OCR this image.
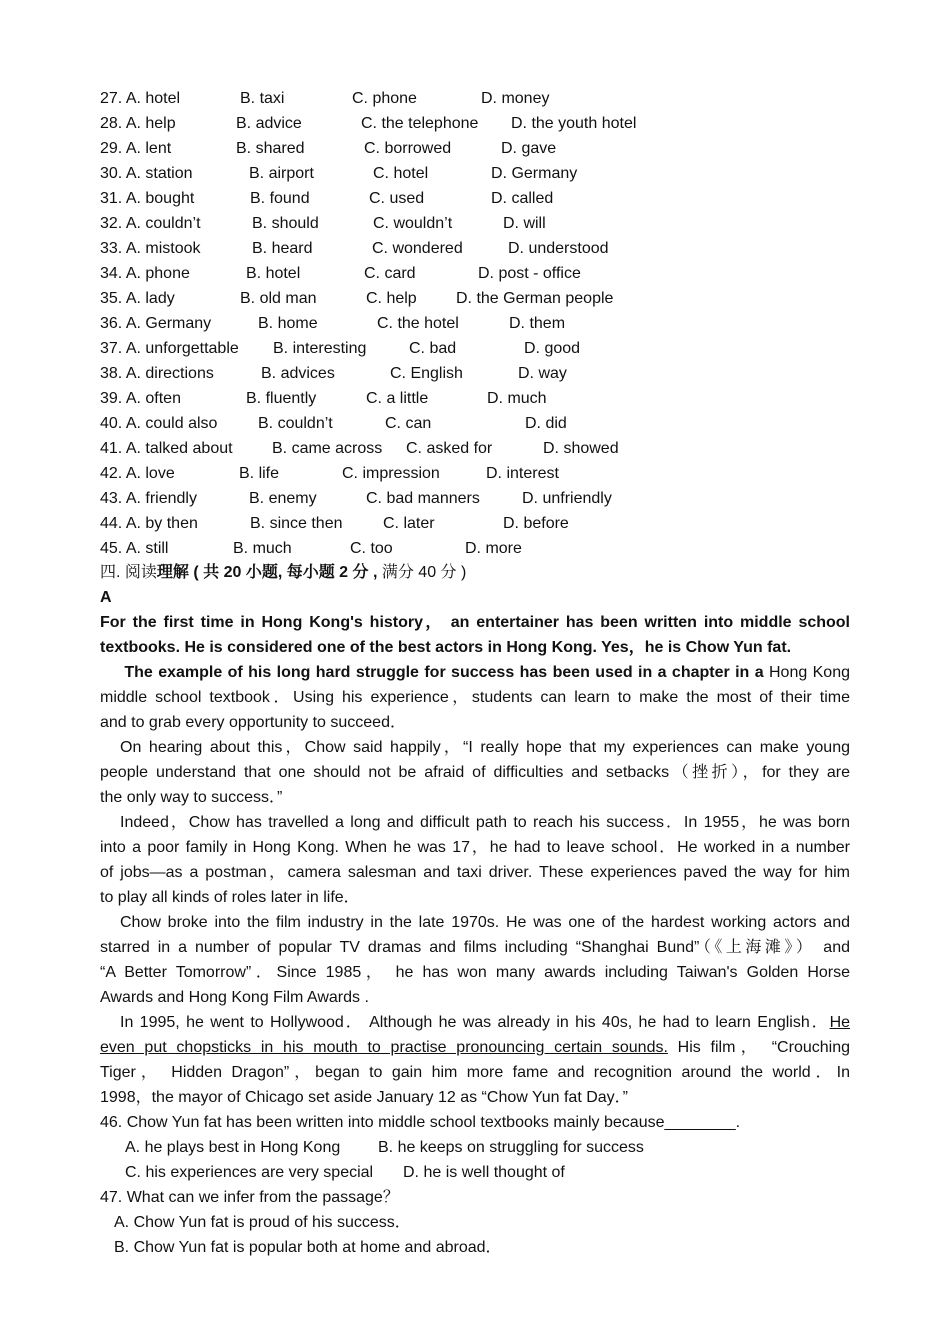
27. A. hotel	B. taxi	C. phone	D. money
28. A. help	B. advice	C. the telephone D. the youth hotel
29. A. lent	B. shared	C. borrowed	D. gave
30. A. station	B. airport	C. hotel	D. Germany
31. A. bought	B. found	C. used	D. called
32. A. couldn’t	B. should	C. wouldn’t	D. will
33. A. mistook	B. heard	C. wondered	D. understood
34. A. phone	B. hotel	C. card	D. post - office
35. A. lady	B. old man	C. help D. the German people
36. A. Germany	B. home	C. the hotel	D. them
37. A. unforgettable B. interesting	C. bad	D. good
38. A. directions	B. advices	C. English	D. way
39. A. often	B. fluently	C. a little	D. much
40. A. could also	B. couldn’t	C. can	D. did
41. A. talked about B. came across C. asked for	D. showed
42. A. love	B. life	C. impression	D. interest
43. A. friendly	B. enemy	C. bad manners	D. unfriendly
44. A. by then	B. since then	C. later	D. before
45. A. still	B. much	C. too	D. more
四. 阅读理解 ( 共 20 小题, 每小题 2 分 , 满分 40 分 )
A
For the first time in Hong Kong's history， an entertainer has been written into middle school
textbooks. He is considered one of the best actors in Hong Kong. Yes，he is Chow Yun fat.
The example of his long hard struggle for success has been used in a chapter in a Hong Kong
middle school textbook．Using his experience，students can learn to make the most of their time
and to grab every opportunity to succeed．
On hearing about this，Chow said happily，“I really hope that my experiences can make young
people understand that one should not be afraid of difficulties and setbacks（挫折），for they are
the only way to success．”
Indeed，Chow has travelled a long and difficult path to reach his success．In 1955，he was born
into a poor family in Hong Kong. When he was 17，he had to leave school．He worked in a number
of jobs—as a postman，camera salesman and taxi driver. These experiences paved the way for him
to play all kinds of roles later in life．
Chow broke into the film industry in the late 1970s. He was one of the hardest working actors and
starred in a number of popular TV dramas and films including “Shanghai Bund”（《上海滩》） and
“A Better Tomorrow”．Since 1985， he has won many awards including Taiwan's Golden Horse
Awards and Hong Kong Film Awards .
In 1995, he went to Hollywood． Although he was already in his 40s, he had to learn English．He
even put chopsticks in his mouth to practise pronouncing certain sounds. His film， “Crouching
Tiger， Hidden Dragon”，began to gain him more fame and recognition around the world．In
1998，the mayor of Chicago set aside January 12 as “Chow Yun fat Day．”
46. Chow Yun fat has been written into middle school textbooks mainly because________.
A. he plays best in Hong Kong B. he keeps on struggling for success
C. his experiences are very special D. he is well thought of
47. What can we infer from the passage？
A. Chow Yun fat is proud of his success．
B. Chow Yun fat is popular both at home and abroad．
